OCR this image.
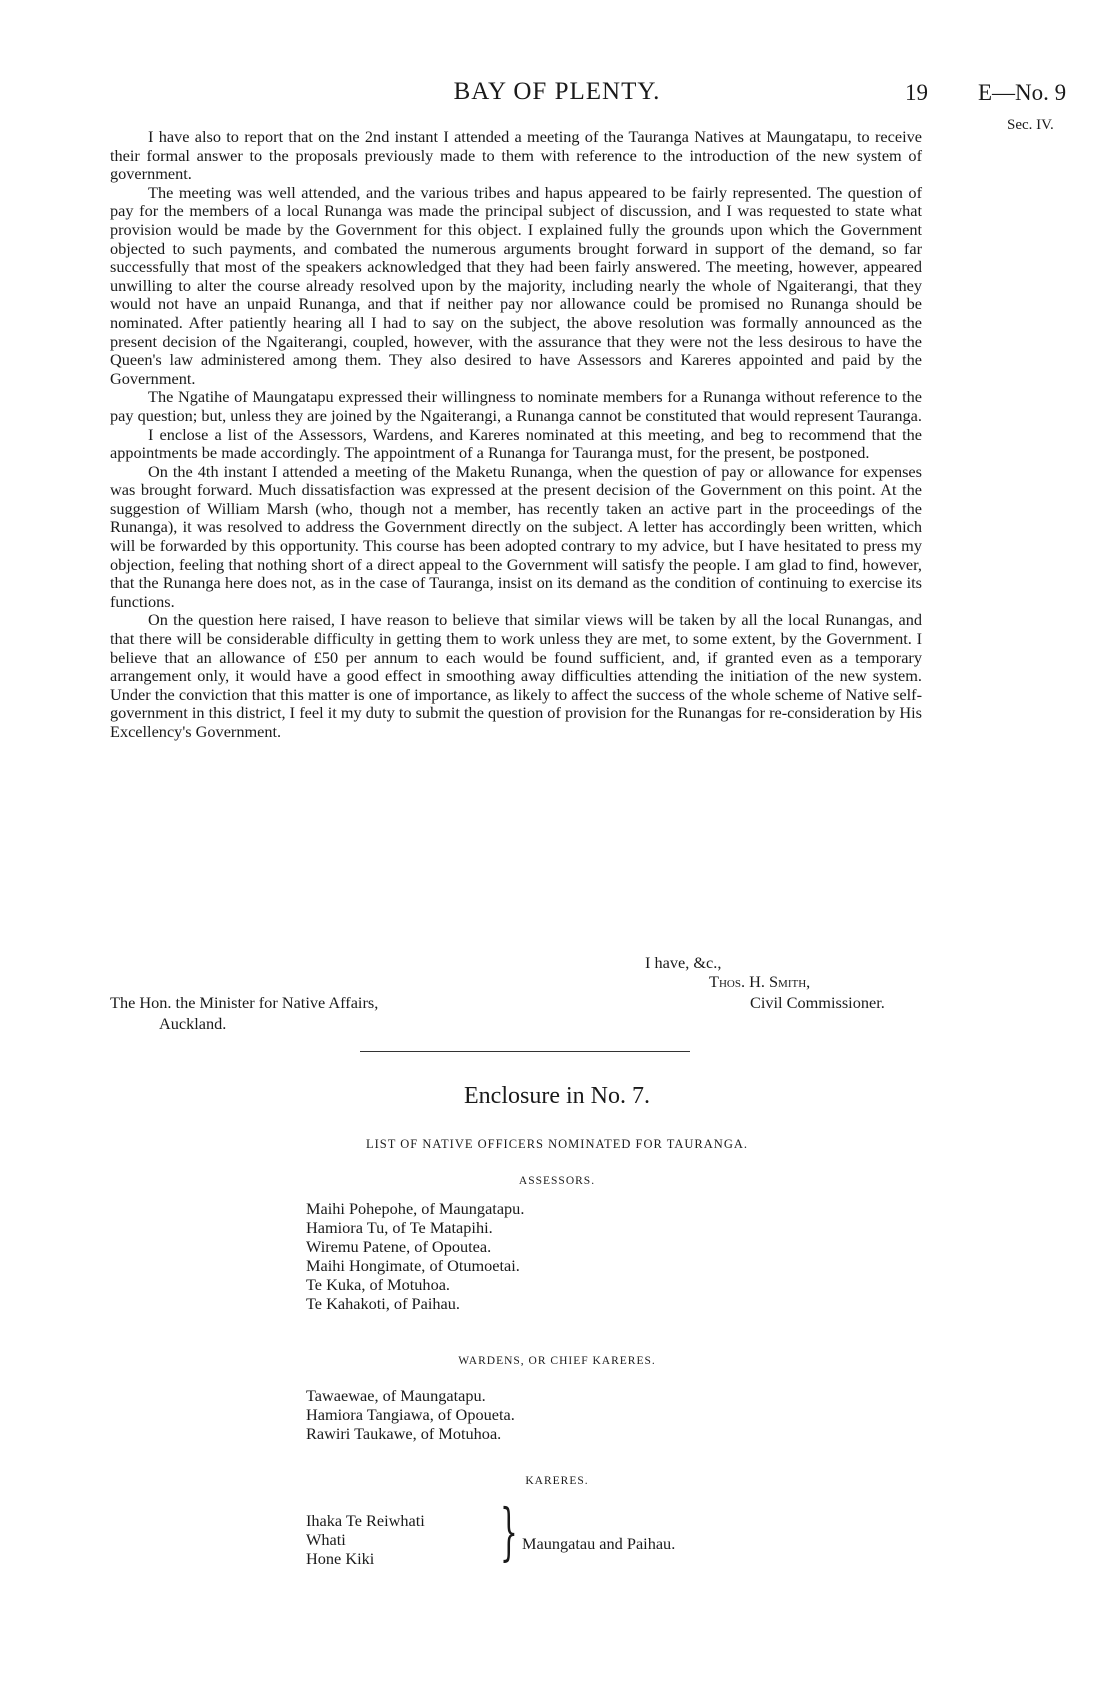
BAY OF PLENTY.	19 E—No. 9
Sec. IV.

I have also to report that on the 2nd instant I attended a meeting of the Tauranga Natives at Maungatapu, to receive their formal answer to the proposals previously made to them with reference to the introduction of the new system of government.

The meeting was well attended, and the various tribes and hapus appeared to be fairly represented. The question of pay for the members of a local Runanga was made the principal subject of discussion, and I was requested to state what provision would be made by the Government for this object. I explained fully the grounds upon which the Government objected to such payments, and combated the numerous arguments brought forward in support of the demand, so far successfully that most of the speakers acknowledged that they had been fairly answered. The meeting, however, appeared unwilling to alter the course already resolved upon by the majority, including nearly the whole of Ngaiterangi, that they would not have an unpaid Runanga, and that if neither pay nor allowance could be promised no Runanga should be nominated. After patiently hearing all I had to say on the subject, the above resolution was formally announced as the present decision of the Ngaiterangi, coupled, however, with the assurance that they were not the less desirous to have the Queen's law administered among them. They also desired to have Assessors and Kareres appointed and paid by the Government.

The Ngatihe of Maungatapu expressed their willingness to nominate members for a Runanga without reference to the pay question; but, unless they are joined by the Ngaiterangi, a Runanga cannot be constituted that would represent Tauranga.

I enclose a list of the Assessors, Wardens, and Kareres nominated at this meeting, and beg to recommend that the appointments be made accordingly. The appointment of a Runanga for Tauranga must, for the present, be postponed.

On the 4th instant I attended a meeting of the Maketu Runanga, when the question of pay or allowance for expenses was brought forward. Much dissatisfaction was expressed at the present decision of the Government on this point. At the suggestion of William Marsh (who, though not a member, has recently taken an active part in the proceedings of the Runanga), it was resolved to address the Government directly on the subject. A letter has accordingly been written, which will be forwarded by this opportunity. This course has been adopted contrary to my advice, but I have hesitated to press my objection, feeling that nothing short of a direct appeal to the Government will satisfy the people. I am glad to find, however, that the Runanga here does not, as in the case of Tauranga, insist on its demand as the condition of continuing to exercise its functions.

On the question here raised, I have reason to believe that similar views will be taken by all the local Runangas, and that there will be considerable difficulty in getting them to work unless they are met, to some extent, by the Government. I believe that an allowance of £50 per annum to each would be found sufficient, and, if granted even as a temporary arrangement only, it would have a good effect in smoothing away difficulties attending the initiation of the new system. Under the conviction that this matter is one of importance, as likely to affect the success of the whole scheme of Native self-government in this district, I feel it my duty to submit the question of provision for the Runangas for re-consideration by His Excellency's Government.

I have, &c.,
Thos. H. Smith,
The Hon. the Minister for Native Affairs,
Auckland.
Civil Commissioner.
Enclosure in No. 7.
LIST OF NATIVE OFFICERS NOMINATED FOR TAURANGA.
ASSESSORS.
Maihi Pohepohe, of Maungatapu.
Hamiora Tu, of Te Matapihi.
Wiremu Patene, of Opoutea.
Maihi Hongimate, of Otumoetai.
Te Kuka, of Motuhoa.
Te Kahakoti, of Paihau.
WARDENS, OR CHIEF KARERES.
Tawaewae, of Maungatapu.
Hamiora Tangiawa, of Opoueta.
Rawiri Taukawe, of Motuhoa.
KARERES.
Ihaka Te Reiwhati
Whati
Hone Kiki	} Maungatau and Paihau.
